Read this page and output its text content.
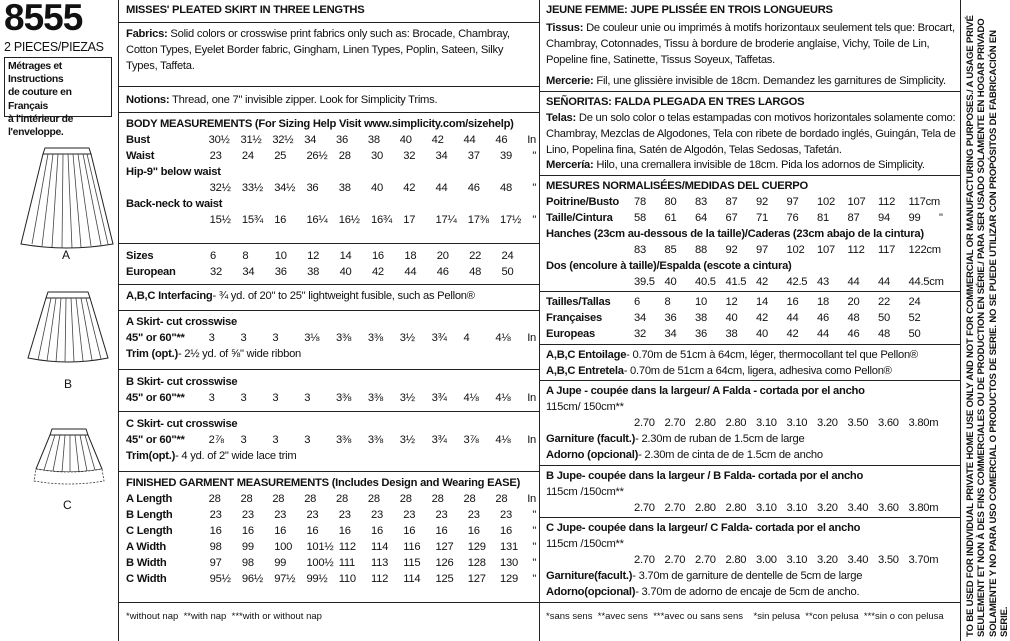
8555
2 PIECES/PIEZAS
Métrages et Instructions
de couture en Français
à l'intérieur de
l'enveloppe.
A
B
C
MISSES' PLEATED SKIRT IN THREE LENGTHS
Fabrics: Solid colors or crosswise print fabrics only such as: Brocade, Chambray, Cotton Types, Eyelet Border fabric, Gingham, Linen Types, Poplin, Sateen, Silky Types, Taffeta.
Notions: Thread, one 7" invisible zipper. Look for Simplicity Trims.
BODY MEASUREMENTS (For Sizing Help Visit www.simplicity.com/sizehelp)
Bust	30½ 31½ 32½ 34	36	38	40	42	44	46	In
Waist	23	24	25	26½	28	30	32	34	37	39	"
Hip-9" below waist
32½	33½	34½	36	38	40	42	44	46	48	"
Back-neck to waist
15½	15¾	16	16¼	16½	16¾	17	17¼	17⅜	17½	"
Sizes	6	8	10	12	14	16	18	20	22	24
European	32	34	36	38	40	42	44	46	48	50
A,B,C Interfacing- ¾ yd. of 20" to 25" lightweight fusible, such as Pellon®
A Skirt- cut crosswise
45" or 60"**	3	3	3	3⅛	3⅜	3⅜	3½	3¾	4	4⅛	In
Trim (opt.) - 2½ yd. of ⅝" wide ribbon
B Skirt- cut crosswise
45" or 60"**	3	3	3	3	3⅜	3⅜	3½	3¾	4⅛	4⅛	In
C Skirt- cut crosswise
45" or 60"**	2⅞	3	3	3	3⅜	3⅜	3½	3¾	3⅞	4⅛	In
Trim(opt.) - 4 yd. of 2" wide lace trim
FINISHED GARMENT MEASUREMENTS (Includes Design and Wearing EASE)
A Length	28	28	28	28	28	28	28	28	28	28	In
B Length	23	23	23	23	23	23	23	23	23	23	"
C Length	16	16	16	16	16	16	16	16	16	16	"
A Width	98	99	100	101½ 112	114	116	127	129	131	"
B Width	97	98	99	100½ 111	113	115	126	128	130	"
C Width	95½	96½	97½	99½	110	112	114	125	127	129	"
*without nap  **with nap  ***with or without nap
JEUNE FEMME: JUPE PLISSÉE EN TROIS LONGUEURS
Tissus: De couleur unie ou imprimés à motifs horizontaux seulement tels que: Brocart, Chambray, Cotonnades, Tissu à bordure de broderie anglaise, Vichy, Toile de Lin, Popeline fine, Satinette, Tissus Soyeux, Taffetas.
Mercerie: Fil, une glissière invisible de 18cm. Demandez les garnitures de Simplicity.
SEÑORITAS: FALDA PLEGADA EN TRES LARGOS
Telas: De un solo color o telas estampadas con motivos horizontales solamente como: Chambray, Mezclas de Algodones, Tela con ribete de bordado inglés, Guingán, Tela de Lino, Popelina fina, Satén de Algodón, Telas Sedosas, Tafetán.
Mercería: Hilo, una cremallera invisible de 18cm. Pida los adornos de Simplicity.
MESURES NORMALISÉES/MEDIDAS DEL CUERPO
Poitrine/Busto	78	80	83	87	92	97	102	107	112	117cm
Taille/Cintura	58	61	64	67	71	76	81	87	94	99	"
Hanches (23cm au-dessous de la taille)/Caderas (23cm abajo de la cintura)
83	85	88	92	97	102	107	112	117	122cm
Dos (encolure à taille)/Espalda (escote a cintura)
39.5 40	40.5 41.5 42	42.5 43	44	44	44.5cm
Tailles/Tallas	6	8	10	12	14	16	18	20	22	24
Françaises	34	36	38	40	42	44	46	48	50	52
Europeas	32	34	36	38	40	42	44	46	48	50
A,B,C Entoilage - 0.70m de 51cm à 64cm, léger, thermocollant tel que Pellon®
A,B,C Entretela - 0.70m de 51cm a 64cm, ligera, adhesiva como Pellon®
A Jupe - coupée dans la largeur/ A Falda - cortada por el ancho
115cm/ 150cm**
2.70 2.70 2.80 2.80 3.10 3.10 3.20 3.50 3.60 3.80m
Garniture (facult.) - 2.30m de ruban de 1.5cm de large
Adorno (opcional) - 2.30m de cinta de de 1.5cm de ancho
B Jupe- coupée dans la largeur / B Falda- cortada por el ancho
115cm /150cm**
2.70 2.70 2.80 2.80 3.10 3.10 3.20 3.40 3.60 3.80m
C Jupe- coupée dans la largeur/ C Falda- cortada por el ancho
115cm /150cm**
2.70 2.70 2.70 2.80 3.00 3.10 3.20 3.40 3.50 3.70m
Garniture(facult.) - 3.70m de garniture de dentelle de 5cm de large
Adorno(opcional) - 3.70m de adorno de encaje de 5cm de ancho.
*sans sens  **avec sens  ***avec ou sans sens    *sin pelusa  **con pelusa  ***sin o con pelusa TO BE USED FOR INDIVIDUAL PRIVATE HOME USE ONLY AND NOT FOR COMMERCIAL OR MANUFACTURING PURPOSES./ A USAGE PRIVÉ SEULEMENT ET NON À DES FINS COMMERCIALES OU DE PRODUCTION EN SÉRIE./ PARA SER USADO SOLAMENTE EN HOGAR PRIVADO SOLAMENTE Y NO PARA USO COMERCIAL O PRODUCTOS DE SERIE. NO SE PUEDE UTILIZAR CON PROPÓSITOS DE FABRICACIÓN EN SERIE.
